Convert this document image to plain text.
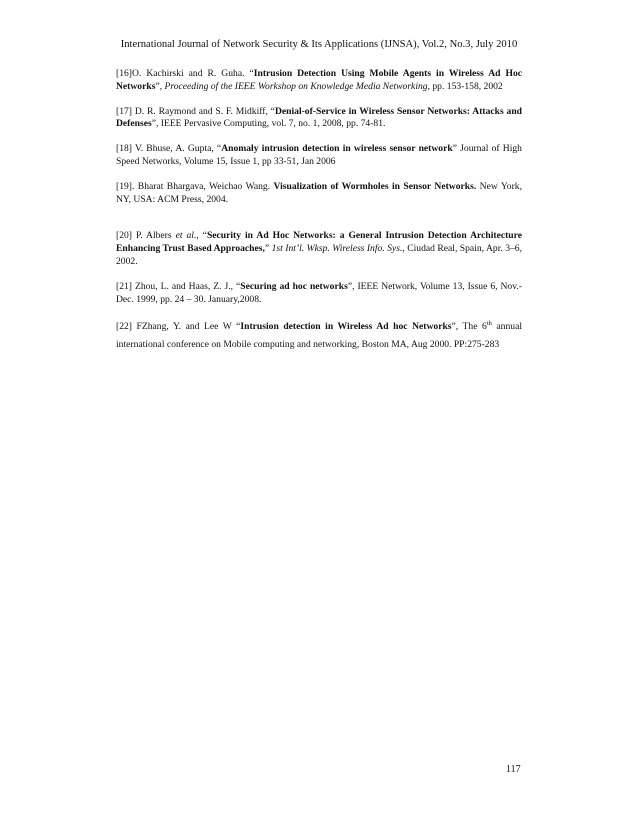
International Journal of Network Security & Its Applications (IJNSA), Vol.2, No.3, July 2010

[16]O. Kachirski and R. Guha. “Intrusion Detection Using Mobile Agents in Wireless Ad Hoc Networks”, Proceeding of the IEEE Workshop on Knowledge Media Networking, pp. 153-158, 2002

[17] D. R. Raymond and S. F. Midkiff, “Denial-of-Service in Wireless Sensor Networks: Attacks and Defenses”, IEEE Pervasive Computing, vol. 7, no. 1, 2008, pp. 74-81.

[18] V. Bhuse, A. Gupta, “Anomaly intrusion detection in wireless sensor network” Journal of High Speed Networks, Volume 15, Issue 1, pp 33-51, Jan 2006

[19]. Bharat Bhargava, Weichao Wang. Visualization of Wormholes in Sensor Networks. New York, NY, USA: ACM Press, 2004.

[20] P. Albers et al., “Security in Ad Hoc Networks: a General Intrusion Detection Architecture Enhancing Trust Based Approaches,” 1st Int’l. Wksp. Wireless Info. Sys., Ciudad Real, Spain, Apr. 3–6, 2002.

[21] Zhou, L. and Haas, Z. J., “Securing ad hoc networks”, IEEE Network, Volume 13, Issue 6, Nov.-Dec. 1999, pp. 24 – 30. January,2008.

[22] FZhang, Y. and Lee W “Intrusion detection in Wireless Ad hoc Networks”, The 6th annual international conference on Mobile computing and networking, Boston MA, Aug 2000. PP:275-283

117
